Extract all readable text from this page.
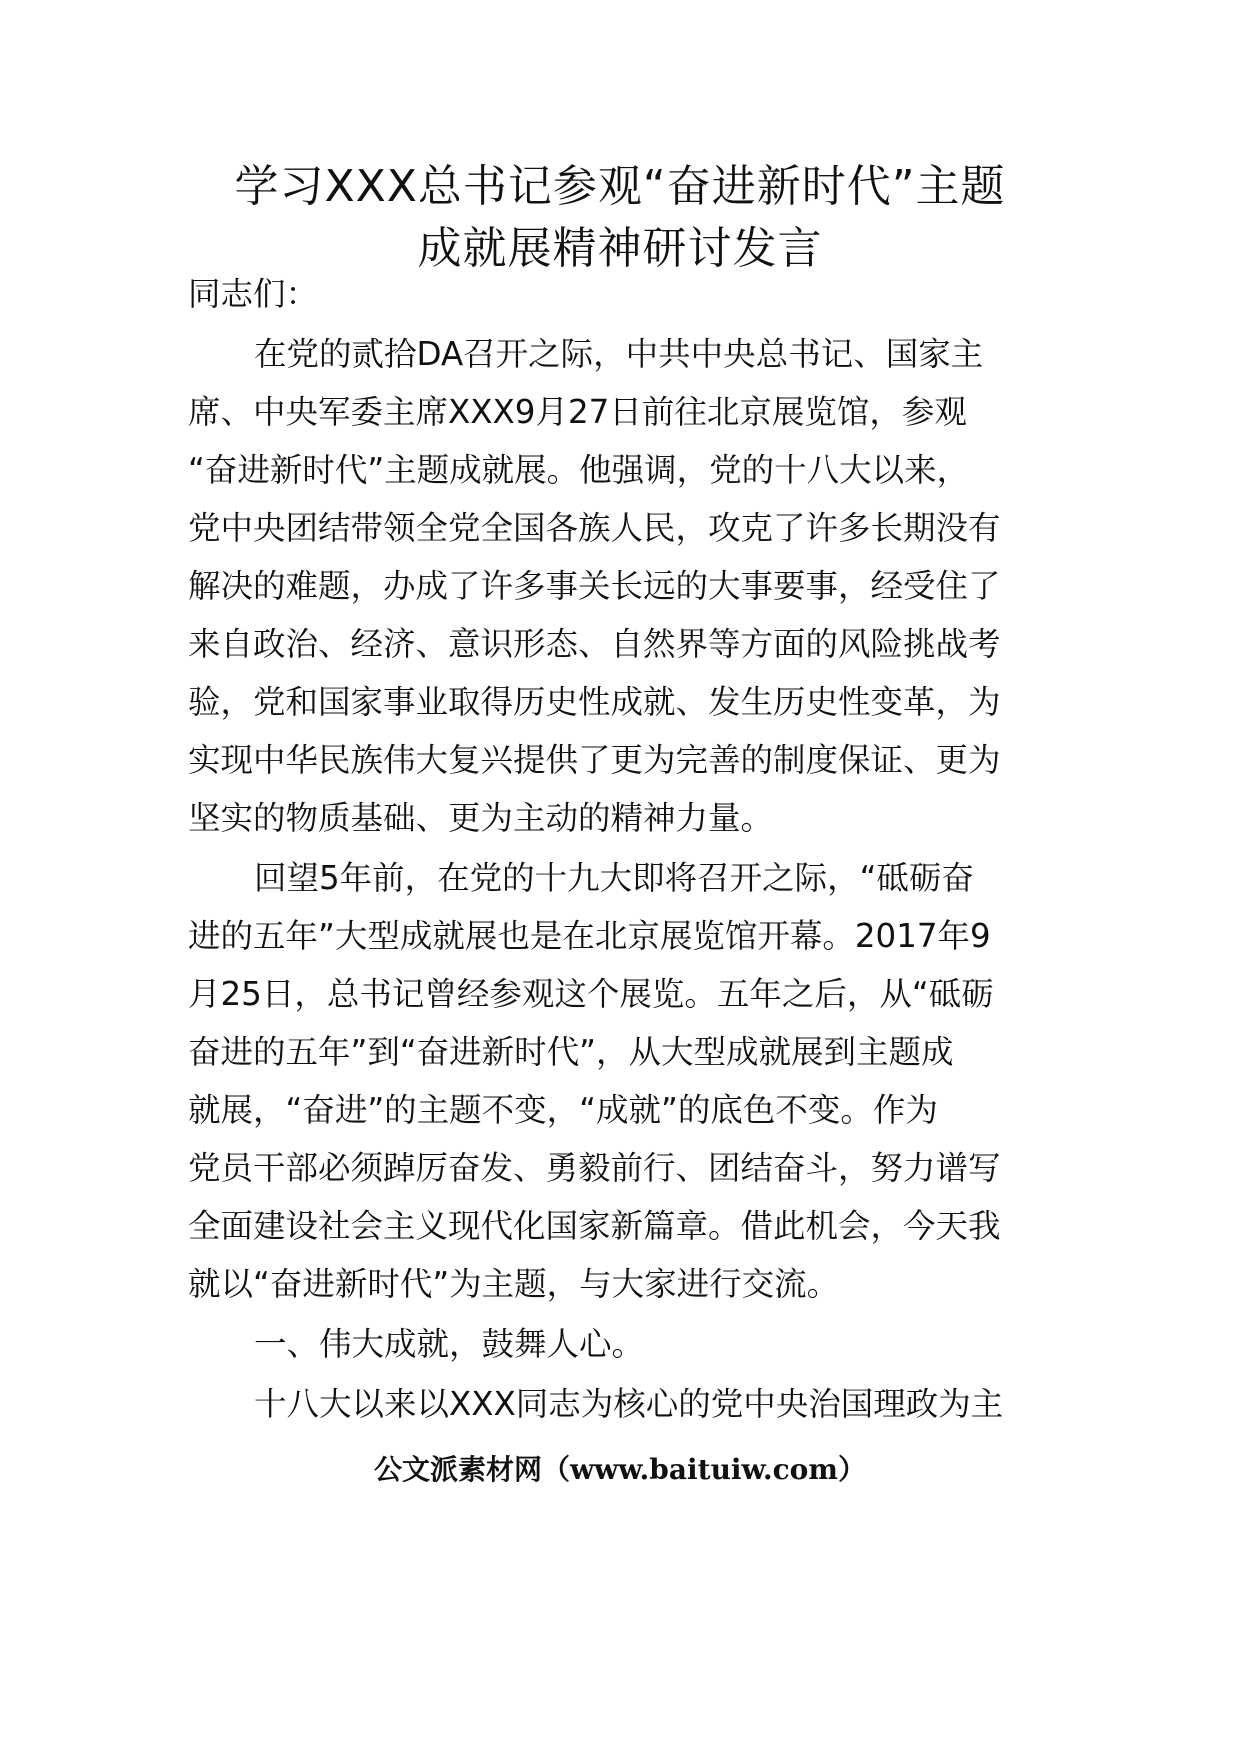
学习XXX总书记参观“奋进新时代”主题
成就展精神研讨发言
同志们：
在党的贰拾DA召开之际，中共中央总书记、国家主
席、中央军委主席XXX9月27日前往北京展览馆，参观
“奋进新时代”主题成就展。他强调，党的十八大以来，
党中央团结带领全党全国各族人民，攻克了许多长期没有
解决的难题，办成了许多事关长远的大事要事，经受住了
来自政治、经济、意识形态、自然界等方面的风险挑战考
验，党和国家事业取得历史性成就、发生历史性变革，为
实现中华民族伟大复兴提供了更为完善的制度保证、更为
坚实的物质基础、更为主动的精神力量。
回望5年前，在党的十九大即将召开之际，“砥砺奋
进的五年”大型成就展也是在北京展览馆开幕。2017年9
月25日，总书记曾经参观这个展览。五年之后，从“砥砺
奋进的五年”到“奋进新时代”，从大型成就展到主题成
就展，“奋进”的主题不变，“成就”的底色不变。作为
党员干部必须踔厉奋发、勇毅前行、团结奋斗，努力谱写
全面建设社会主义现代化国家新篇章。借此机会，今天我
就以“奋进新时代”为主题，与大家进行交流。
一、伟大成就，鼓舞人心。
十八大以来以XXX同志为核心的党中央治国理政为主
公文派素材网（www.baituiw.com）
